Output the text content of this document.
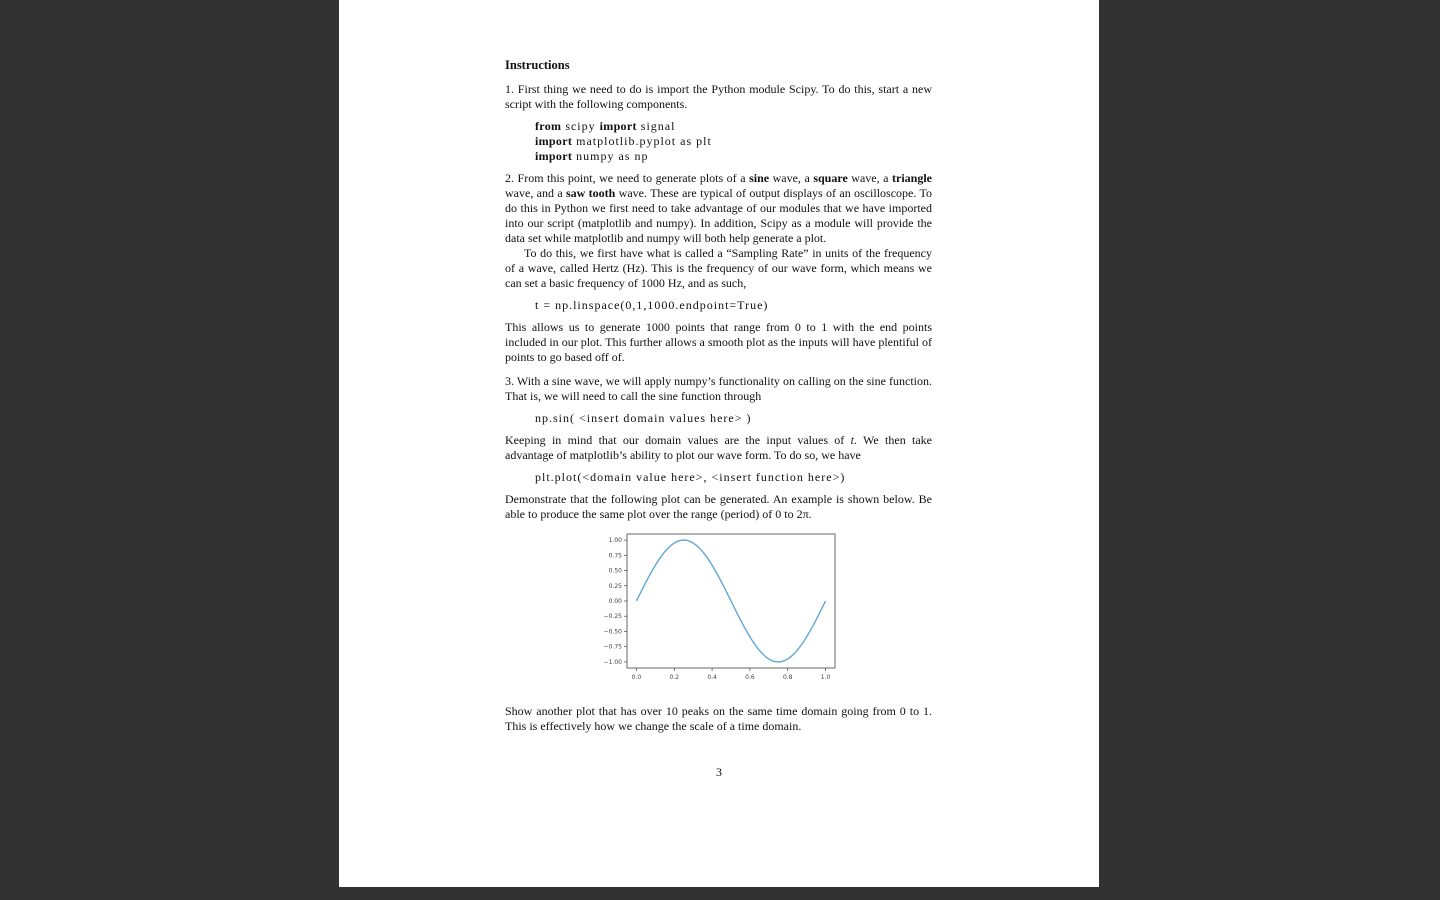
Instructions

1. First thing we need to do is import the Python module Scipy. To do this, start a new script with the following components.

from scipy import signal
import matplotlib.pyplot as plt
import numpy as np

2. From this point, we need to generate plots of a sine wave, a square wave, a triangle wave, and a saw tooth wave. These are typical of output displays of an oscilloscope. To do this in Python we first need to take advantage of our modules that we have imported into our script (matplotlib and numpy). In addition, Scipy as a module will provide the data set while matplotlib and numpy will both help generate a plot.

To do this, we first have what is called a “Sampling Rate” in units of the frequency of a wave, called Hertz (Hz). This is the frequency of our wave form, which means we can set a basic frequency of 1000 Hz, and as such,

t = np.linspace(0,1,1000.endpoint=True)

This allows us to generate 1000 points that range from 0 to 1 with the end points included in our plot. This further allows a smooth plot as the inputs will have plentiful of points to go based off of.

3. With a sine wave, we will apply numpy’s functionality on calling on the sine function. That is, we will need to call the sine function through

np.sin( <insert domain values here> )

Keeping in mind that our domain values are the input values of t. We then take advantage of matplotlib’s ability to plot our wave form. To do so, we have

plt.plot(<domain value here>, <insert function here>)

Demonstrate that the following plot can be generated. An example is shown below. Be able to produce the same plot over the range (period) of 0 to 2π.

1.00
0.75
0.50
0.25
0.00
−0.25
−0.50
−0.75
−1.00
0.0	0.2	0.4	0.6	0.8	1.0

Show another plot that has over 10 peaks on the same time domain going from 0 to 1. This is effectively how we change the scale of a time domain.

3
